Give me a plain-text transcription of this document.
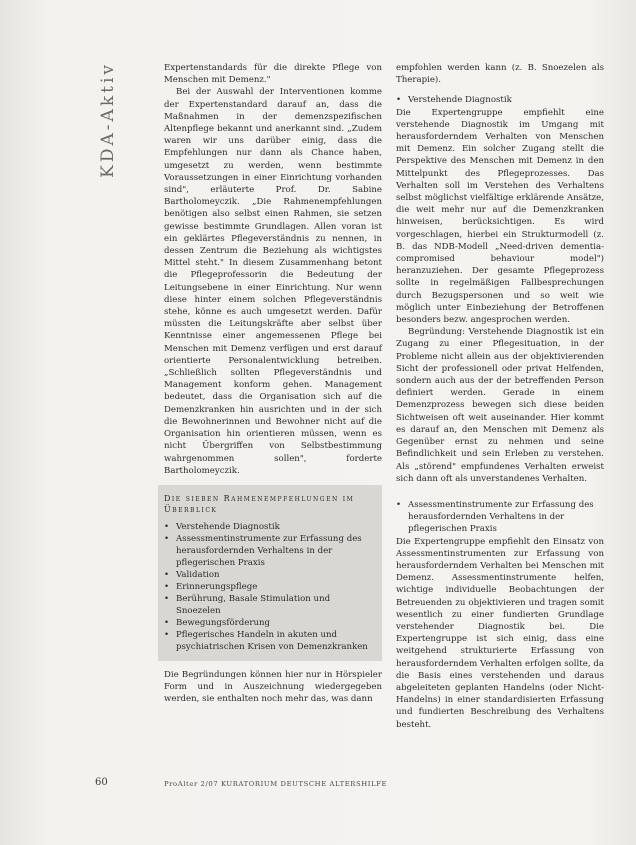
KDA-Aktiv	Expertenstandards für die direkte Pflege von Menschen mit Demenz."

Bei der Auswahl der Interventionen komme der Expertenstandard darauf an, dass die Maßnahmen in der demenzspezifischen Altenpflege bekannt und anerkannt sind. „Zudem waren wir uns darüber einig, dass die Empfehlungen nur dann als Chance haben, umgesetzt zu werden, wenn bestimmte Voraussetzungen in einer Einrichtung vorhanden sind", erläuterte Prof. Dr. Sabine Bartholomeyczik. „Die Rahmenempfehlungen benötigen also selbst einen Rahmen, sie setzen gewisse bestimmte Grundlagen. Allen voran ist ein geklärtes Pflegeverständnis zu nennen, in dessen Zentrum die Beziehung als wichtigstes Mittel steht." In diesem Zusammenhang betont die Pflegeprofessorin die Bedeutung der Leitungsebene in einer Einrichtung. Nur wenn diese hinter einem solchen Pflegeverständnis stehe, könne es auch umgesetzt werden. Dafür müssten die Leitungskräfte aber selbst über Kenntnisse einer angemessenen Pflege bei Menschen mit Demenz verfügen und erst darauf orientierte Personalentwicklung betreiben. „Schließlich sollten Pflegeverständnis und Management konform gehen. Management bedeutet, dass die Organisation sich auf die Demenzkranken hin ausrichten und in der sich die Bewohnerinnen und Bewohner nicht auf die Organisation hin orientieren müssen, wenn es nicht Übergriffen von Selbstbestimmung wahrgenommen sollen", forderte Bartholomeyczik.

Die sieben Rahmenempfehlungen im Überblick
• Verstehende Diagnostik
• Assessmentinstrumente zur Erfassung des herausfordernden Verhaltens in der pflegerischen Praxis
• Validation
• Erinnerungspflege
• Berührung, Basale Stimulation und Snoezelen
• Bewegungsförderung
• Pflegerisches Handeln in akuten und psychiatrischen Krisen von Demenzkranken

Die Begründungen können hier nur in Hörspieler Form und in Auszeichnung wiedergegeben werden, sie enthalten noch mehr das, was dann

empfohlen werden kann (z. B. Snoezelen als Therapie).

• Verstehende Diagnostik

Die Expertengruppe empfiehlt eine verstehende Diagnostik im Umgang mit herausforderndem Verhalten von Menschen mit Demenz. Ein solcher Zugang stellt die Perspektive des Menschen mit Demenz in den Mittelpunkt des Pflegeprozesses. Das Verhalten soll im Verstehen des Verhaltens selbst möglichst vielfältige erklärende Ansätze, die weit mehr nur auf die Demenzkranken hinweisen, berücksichtigen. Es wird vorgeschlagen, hierbei ein Strukturmodell (z. B. das NDB-Modell „Need-driven dementia-compromised behaviour model") heranzuziehen. Der gesamte Pflegeprozess sollte in regelmäßigen Fallbesprechungen durch Bezugspersonen und so weit wie möglich unter Einbeziehung der Betroffenen besonders bezw. angesprochen werden.

Begründung: Verstehende Diagnostik ist ein Zugang zu einer Pflegesituation, in der Probleme nicht allein aus der objektivierenden Sicht der professionell oder privat Helfenden, sondern auch aus der der betreffenden Person definiert werden. Gerade in einem Demenzprozess bewegen sich diese beiden Sichtweisen oft weit auseinander. Hier kommt es darauf an, den Menschen mit Demenz als Gegenüber ernst zu nehmen und seine Befindlichkeit und sein Erleben zu verstehen. Als „störend" empfundenes Verhalten erweist sich dann oft als unverstandenes Verhalten.

• Assessmentinstrumente zur Erfassung des herausfordernden Verhaltens in der pflegerischen Praxis

Die Expertengruppe empfiehlt den Einsatz von Assessmentinstrumenten zur Erfassung von herausforderndem Verhalten bei Menschen mit Demenz. Assessmentinstrumente helfen, wichtige individuelle Beobachtungen der Betreuenden zu objektivieren und tragen somit wesentlich zu einer fundierten Grundlage verstehender Diagnostik bei. Die Expertengruppe ist sich einig, dass eine weitgehend strukturierte Erfassung von herausforderndem Verhalten erfolgen sollte, da die Basis eines verstehenden und daraus abgeleiteten geplanten Handelns (oder Nicht-Handelns) in einer standardisierten Erfassung und fundierten Beschreibung des Verhaltens besteht.

60	ProAlter 2/07 KURATORIUM DEUTSCHE ALTERSHILFE
